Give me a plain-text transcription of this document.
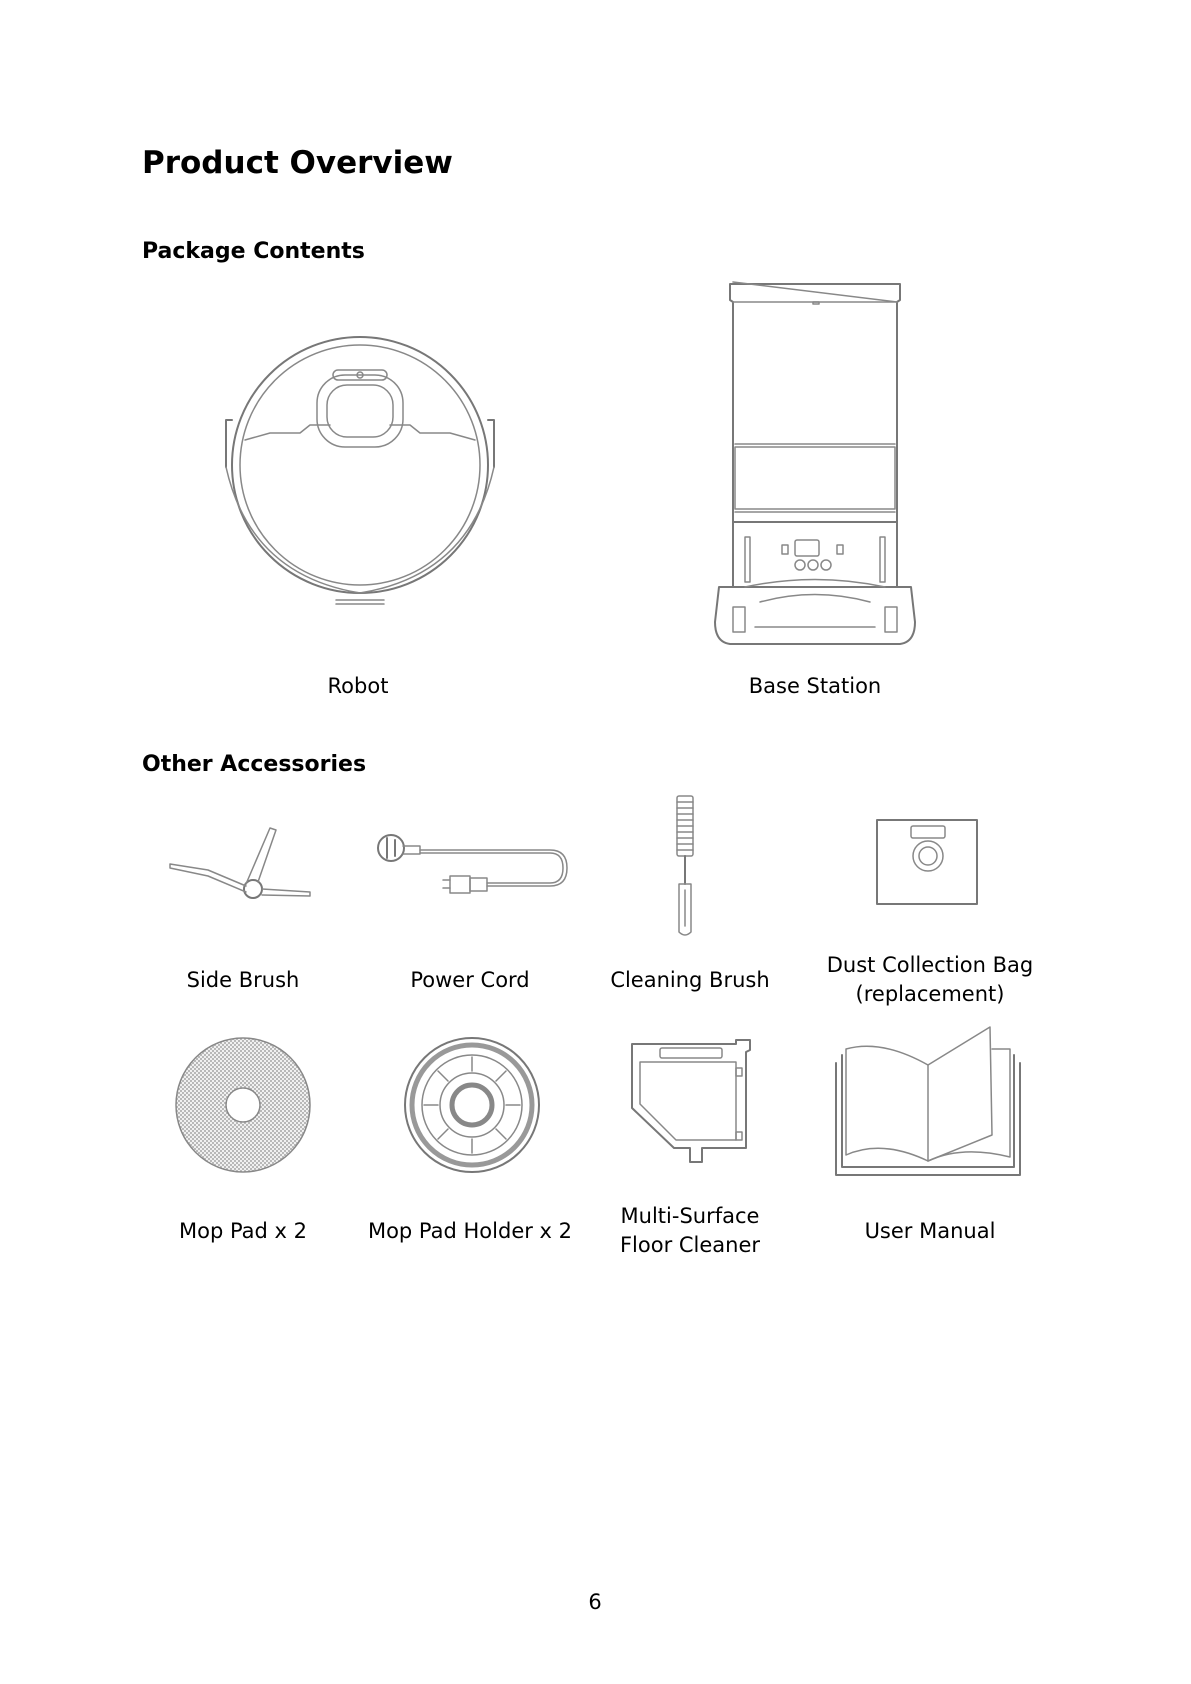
Product Overview
Package Contents
Robot	Base Station
Other Accessories
Side Brush	Power Cord	Cleaning Brush
Dust Collection Bag
(replacement)
Mop Pad x 2	Mop Pad Holder x 2
Multi-Surface
Floor Cleaner
User Manual
6
